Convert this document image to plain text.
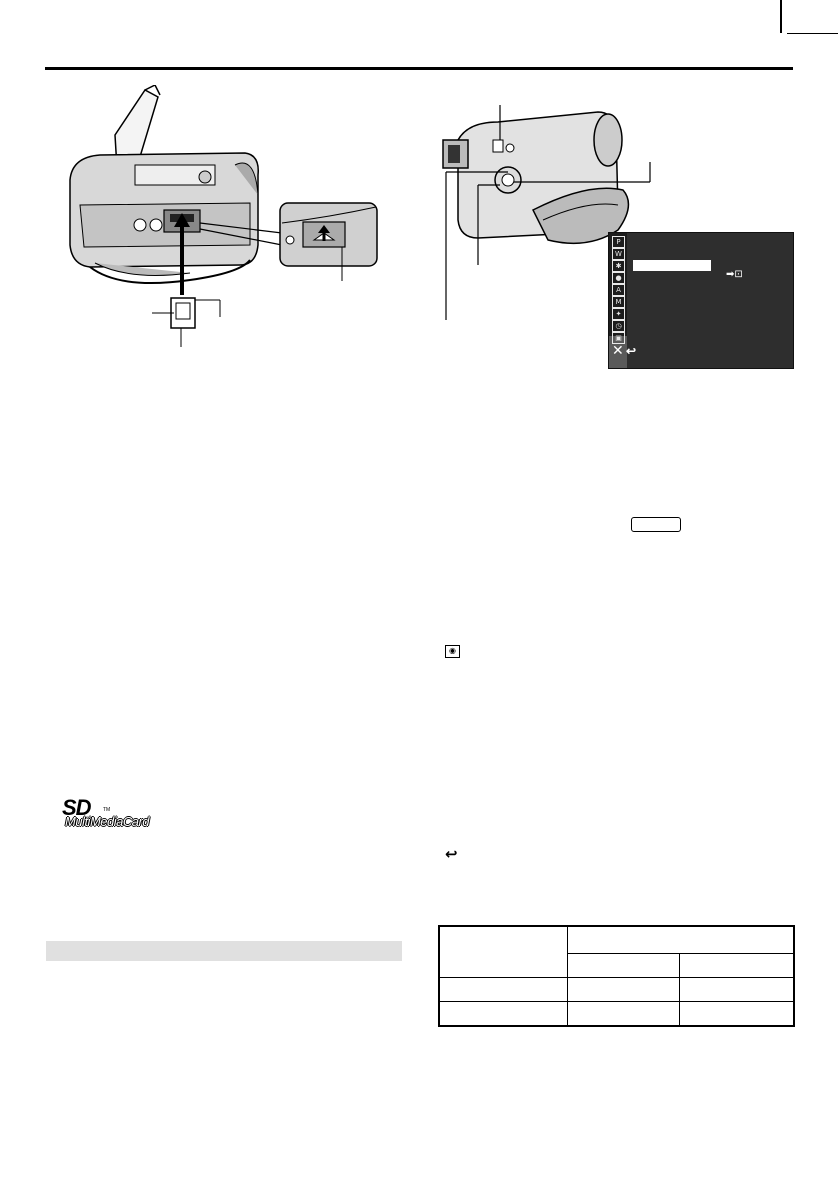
P
W
✱
●
A
M
✦
◷
▣
➡⊡
✕ ↩
◉
↩
SD TM
MultiMediaCard
